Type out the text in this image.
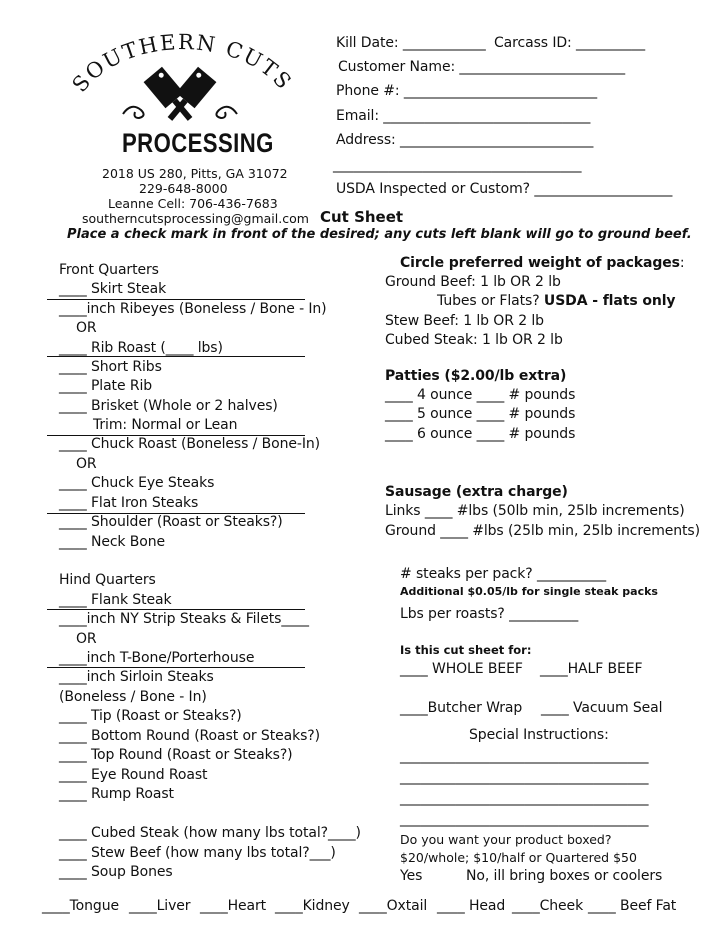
SOUTHERN CUTS
PROCESSING
2018 US 280, Pitts, GA 31072
229-648-8000
Leanne Cell: 706-436-7683
southerncutsprocessing@gmail.com
Kill Date: ____________ Carcass ID: __________
Customer Name: ________________________
Phone #: ____________________________
Email: ______________________________
Address: ____________________________
____________________________________
USDA Inspected or Custom? ____________________
Cut Sheet
Place a check mark in front of the desired; any cuts left blank will go to ground beef.
Front Quarters
____ Skirt Steak
____inch Ribeyes (Boneless / Bone - In)
OR
____ Rib Roast (____ lbs)
____ Short Ribs
____ Plate Rib
____ Brisket (Whole or 2 halves)
Trim: Normal or Lean
____ Chuck Roast (Boneless / Bone-In)
OR
____ Chuck Eye Steaks
____ Flat Iron Steaks
____ Shoulder (Roast or Steaks?)
____ Neck Bone
Hind Quarters
____ Flank Steak
____inch NY Strip Steaks & Filets____
OR
____inch T-Bone/Porterhouse
____inch Sirloin Steaks
(Boneless / Bone - In)
____ Tip (Roast or Steaks?)
____ Bottom Round (Roast or Steaks?)
____ Top Round (Roast or Steaks?)
____ Eye Round Roast
____ Rump Roast
____ Cubed Steak (how many lbs total?____)
____ Stew Beef (how many lbs total?___)
____ Soup Bones
Circle preferred weight of packages:
Ground Beef: 1 lb OR 2 lb
Tubes or Flats? USDA - flats only
Stew Beef: 1 lb OR 2 lb
Cubed Steak: 1 lb OR 2 lb
Patties ($2.00/lb extra)
____ 4 ounce ____ # pounds
____ 5 ounce ____ # pounds
____ 6 ounce ____ # pounds
Sausage (extra charge)
Links ____ #lbs (50lb min, 25lb increments)
Ground ____ #lbs (25lb min, 25lb increments)
# steaks per pack? __________
Additional $0.05/lb for single steak packs
Lbs per roasts? __________
Is this cut sheet for:
____ WHOLE BEEF ____HALF BEEF
____Butcher Wrap ____ Vacuum Seal
Special Instructions:
____________________________________
____________________________________
____________________________________
____________________________________
Do you want your product boxed?
$20/whole; $10/half or Quartered $50
Yes	No, ill bring boxes or coolers
____Tongue ____Liver ____Heart ____Kidney ____Oxtail ____ Head ____Cheek ____ Beef Fat
